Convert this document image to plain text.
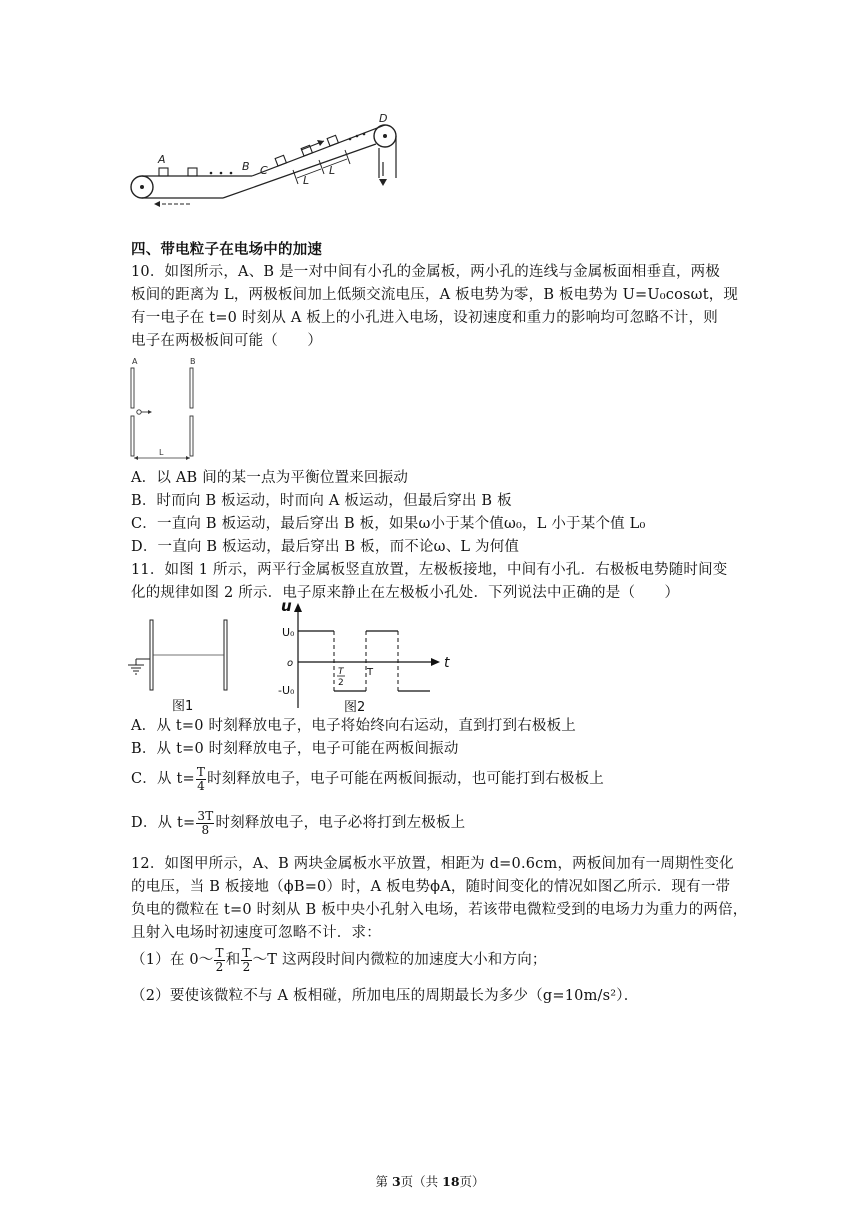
A
B C
D
L
L
四、带电粒子在电场中的加速
10．如图所示，A、B 是一对中间有小孔的金属板，两小孔的连线与金属板面相垂直，两极
板间的距离为 L，两极板间加上低频交流电压，A 板电势为零，B 板电势为 U=U₀cosωt，现
有一电子在 t=0 时刻从 A 板上的小孔进入电场，设初速度和重力的影响均可忽略不计，则
电子在两极板间可能（　　）
A	B
L
A．以 AB 间的某一点为平衡位置来回振动
B．时而向 B 板运动，时而向 A 板运动，但最后穿出 B 板
C．一直向 B 板运动，最后穿出 B 板，如果ω小于某个值ω₀，L 小于某个值 L₀
D．一直向 B 板运动，最后穿出 B 板，而不论ω、L 为何值
11．如图 1 所示，两平行金属板竖直放置，左极板接地，中间有小孔．右极板电势随时间变
化的规律如图 2 所示．电子原来静止在左极板小孔处．下列说法中正确的是（　　）
图1
u
t
o
U₀
-U₀
T
2
T
图2
A．从 t=0 时刻释放电子，电子将始终向右运动，直到打到右极板上
B．从 t=0 时刻释放电子，电子可能在两板间振动
C．从 $t= \frac{T}{4}$ 时刻释放电子，电子可能在两板间振动，也可能打到右极板上
D．从 $t= \frac{3T}{8}$ 时刻释放电子，电子必将打到左极板上
12．如图甲所示，A、B 两块金属板水平放置，相距为 d=0.6cm，两板间加有一周期性变化
的电压，当 B 板接地（ϕB=0）时，A 板电势ϕA，随时间变化的情况如图乙所示．现有一带
负电的微粒在 t=0 时刻从 B 板中央小孔射入电场，若该带电微粒受到的电场力为重力的两倍，
且射入电场时初速度可忽略不计．求：
（1）在 0～ $\frac{T}{2}$ 和 $\frac{T}{2}$ ～T 这两段时间内微粒的加速度大小和方向；
（2）要使该微粒不与 A 板相碰，所加电压的周期最长为多少（g=10m/s²）．
第 3页（共 18页）
